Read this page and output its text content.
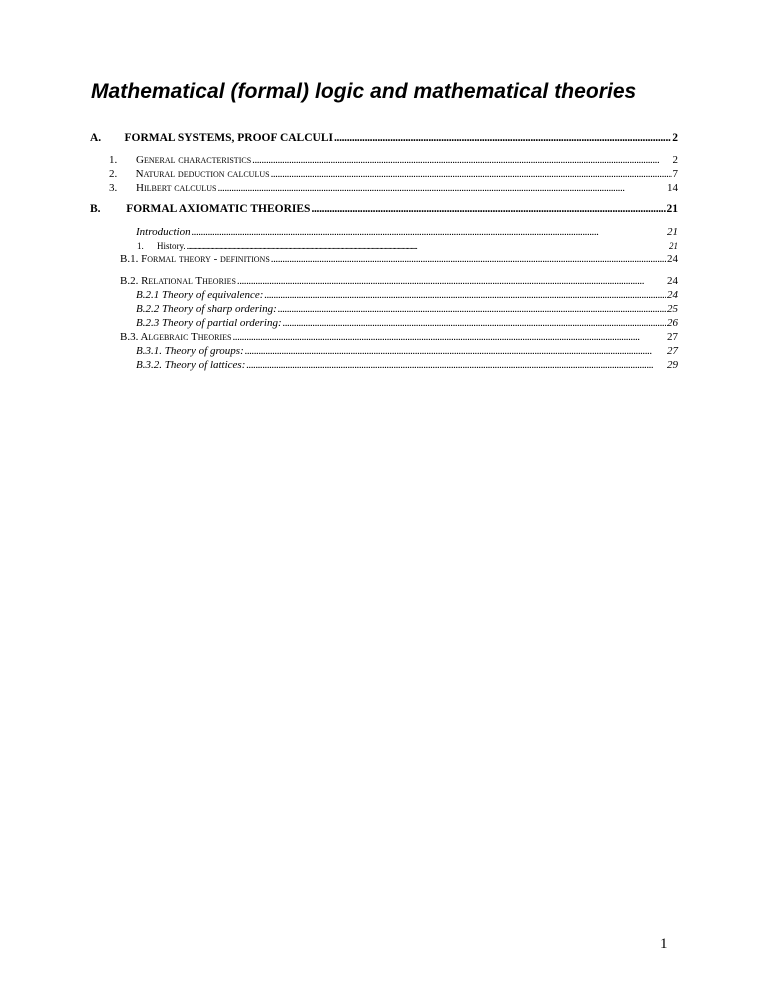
Mathematical (formal) logic and mathematical theories
A.	FORMAL SYSTEMS, PROOF CALCULI . . .	2
1.	General characteristics . . .	2
2.	Natural deduction calculus . . .	7
3.	Hilbert calculus . . .	14
B.	FORMAL AXIOMATIC THEORIES . . .	21
Introduction . . .	21
1.	History. . . .	21
B.1. Formal theory - definitions . . .	24
B.2. Relational Theories . . .	24
B.2.1 Theory of equivalence: . . .	24
B.2.2 Theory of sharp ordering: . . .	25
B.2.3 Theory of partial ordering: . . .	26
B.3. Algebraic Theories . . .	27
B.3.1. Theory of groups: . . .	27
B.3.2. Theory of lattices: . . .	29

1
